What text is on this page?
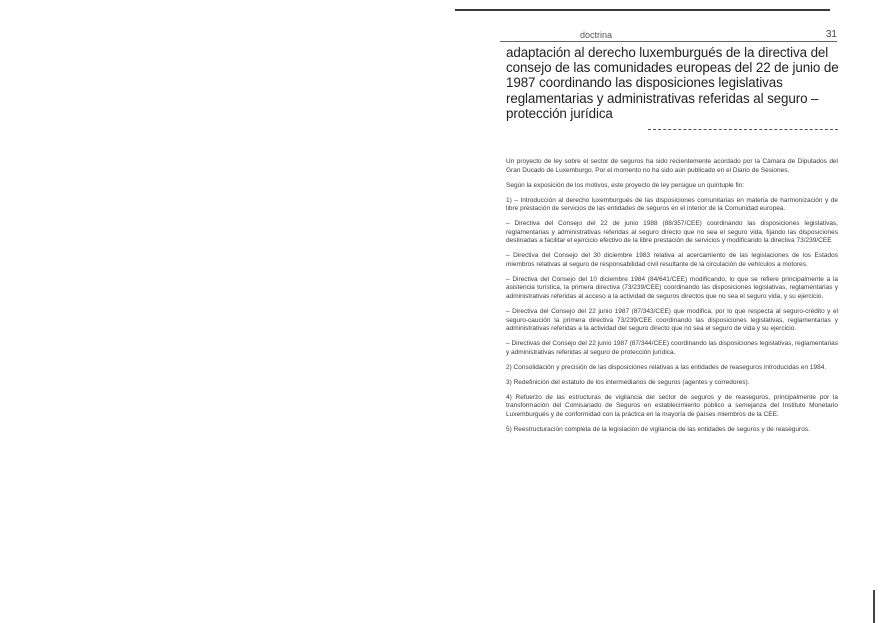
doctrina	31
adaptación al derecho luxemburgués de la directiva del consejo de las comunidades europeas del 22 de junio de 1987 coordinando las disposiciones legislativas reglamentarias y administrativas referidas al seguro – protección jurídica

Un proyecto de ley sobre el sector de seguros ha sido recientemente acordado por la Cámara de Diputados del Gran Ducado de Luxemburgo. Por el momento no ha sido aún publicado en el Diario de Sesiones.

Según la exposición de los motivos, este proyecto de ley persigue un quíntuple fin:

1) – Introducción al derecho luxemburgués de las disposiciones comunitarias en materia de harmonización y de libre prestación de servicios de las entidades de seguros en el interior de la Comunidad europea.

– Directiva del Consejo del 22 de junio 1988 (88/357/CEE) coordinando las disposiciones legislativas, reglamentarias y administrativas referidas al seguro directo que no sea el seguro vida, fijando las disposiciones destinadas a facilitar el ejercicio efectivo de la libre prestación de servicios y modificando la directiva 73/239/CEE

– Directiva del Consejo del 30 diciembre 1983 relativa al acercamiento de las legislaciones de los Estados miembros relativas al seguro de responsabilidad civil resultante de la circulación de vehículos a motores.

– Directiva del Consejo del 10 diciembre 1984 (84/641/CEE) modificando, lo que se refiere principalmente a la asistencia turística, la primera directiva (73/239/CEE) coordinando las disposiciones legislativas, reglamentarias y administrativas referidas al acceso a la actividad de seguros directos que no sea el seguro vida, y su ejercicio.

– Directiva del Consejo del 22 junio 1987 (87/343/CEE) que modifica, por lo que respecta al seguro-crédito y el seguro-caución la primera directiva 73/239/CEE coordinando las disposiciones legislativas, reglamentarias y administrativas referidas a la actividad del seguro directo que no sea el seguro de vida y su ejercicio.

– Directivas del Consejo del 22 junio 1987 (87/344/CEE) coordinando las disposiciones legislativas, reglamentarias y administrativas referidas al seguro de protección jurídica.

2) Consolidación y precisión de las disposiciones relativas a las entidades de reaseguros introducidas en 1984.

3) Redefinición del estatuto de los intermediarios de seguros (agentes y corredores).

4) Refuerzo de las estructuras de vigilancia del sector de seguros y de reaseguros, principalmente por la transformación del Comisariado de Seguros en establecimiento público a semejanza del Instituto Monetario Luxemburgués y de conformidad con la práctica en la mayoría de países miembros de la CEE.

5) Reestructuración completa de la legislación de vigilancia de las entidades de seguros y de reaseguros.
